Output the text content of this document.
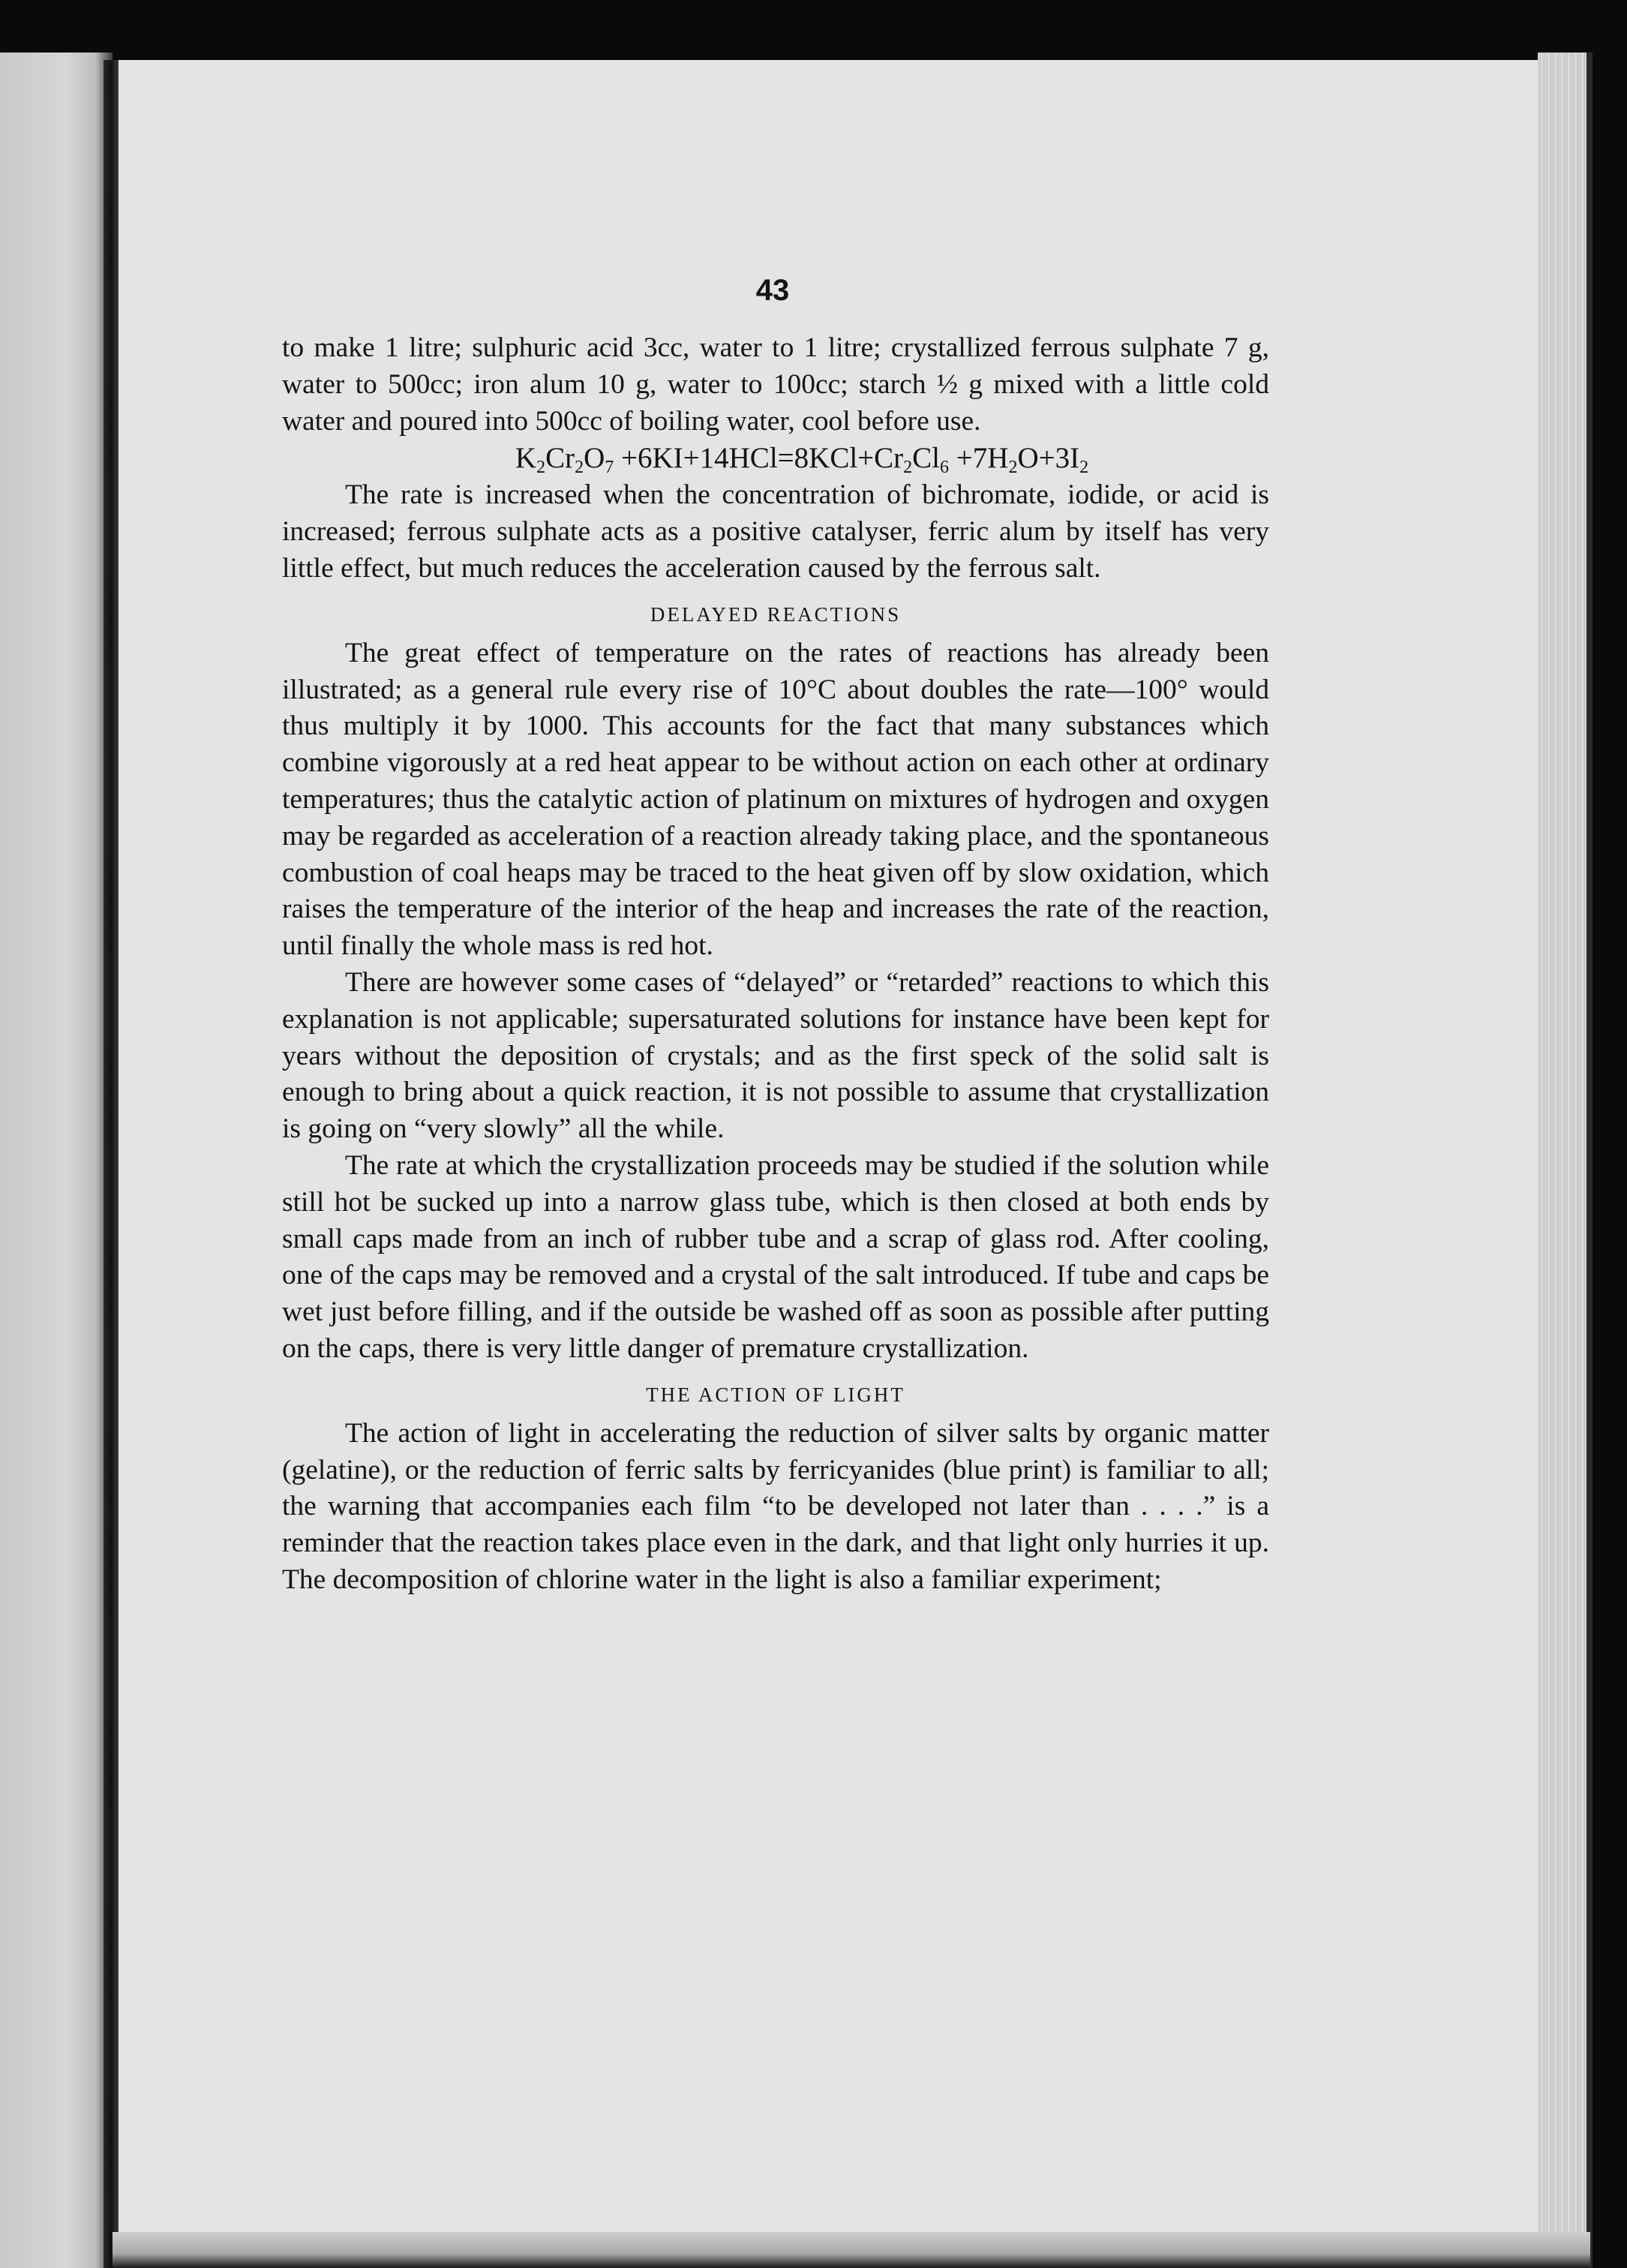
43

to make 1 litre; sulphuric acid 3cc, water to 1 litre; crystallized ferrous sulphate 7 g, water to 500cc; iron alum 10 g, water to 100cc; starch ½ g mixed with a little cold water and poured into 500cc of boiling water, cool before use.

$K_2Cr_2O_7 +6KI+14HCl=8KCl+Cr_2Cl_6 +7H_2O+3I_2$

The rate is increased when the concentration of bichromate, iodide, or acid is increased; ferrous sulphate acts as a positive catalyser, ferric alum by itself has very little effect, but much reduces the acceleration caused by the ferrous salt.

DELAYED REACTIONS

The great effect of temperature on the rates of reactions has already been illustrated; as a general rule every rise of 10°C about doubles the rate—100° would thus multiply it by 1000. This accounts for the fact that many substances which combine vigorously at a red heat appear to be without action on each other at ordinary temperatures; thus the catalytic action of platinum on mixtures of hydrogen and oxygen may be regarded as acceleration of a reaction already taking place, and the spontaneous combustion of coal heaps may be traced to the heat given off by slow oxidation, which raises the temperature of the interior of the heap and increases the rate of the reaction, until finally the whole mass is red hot.

There are however some cases of “delayed” or “retarded” reactions to which this explanation is not applicable; supersaturated solutions for instance have been kept for years without the deposition of crystals; and as the first speck of the solid salt is enough to bring about a quick reaction, it is not possible to assume that crystallization is going on “very slowly” all the while.

The rate at which the crystallization proceeds may be studied if the solution while still hot be sucked up into a narrow glass tube, which is then closed at both ends by small caps made from an inch of rubber tube and a scrap of glass rod. After cooling, one of the caps may be removed and a crystal of the salt introduced. If tube and caps be wet just before filling, and if the outside be washed off as soon as possible after putting on the caps, there is very little danger of premature crystallization.

THE ACTION OF LIGHT

The action of light in accelerating the reduction of silver salts by organic matter (gelatine), or the reduction of ferric salts by ferricyanides (blue print) is familiar to all; the warning that accompanies each film “to be developed not later than . . . .” is a reminder that the reaction takes place even in the dark, and that light only hurries it up. The decomposition of chlorine water in the light is also a familiar experiment;
